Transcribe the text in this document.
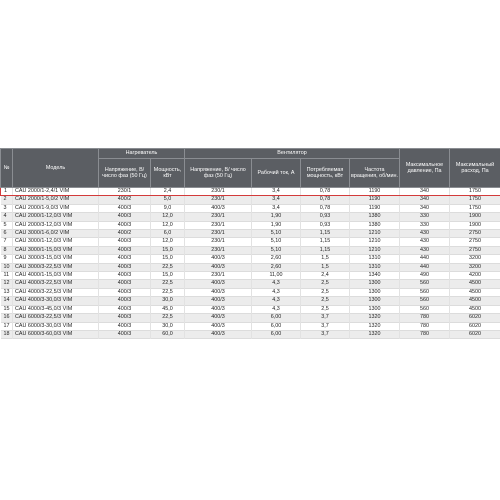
№	Модель	Нагреватель		Вентилятор				Максимальное давление, Па	Максимальный расход, Па
		Напряжение, В/ число фаз (50 Гц)	Мощность, кВт	Напряжение, В/ число фаз (50 Гц)	Рабочий ток, А	Потребляемая мощность, кВт	Частота вращения, об/мин.		
1	CAU 2000/1-2,4/1 VIM	230/1	2,4	230/1	3,4	0,78	1190	340	1750
2	CAU 2000/1-5,0/2 VIM	400/2	5,0	230/1	3,4	0,78	1190	340	1750
3	CAU 2000/1-9,0/3 VIM	400/3	9,0	400/3	3,4	0,78	1190	340	1750
4	CAU 2000/1-12,0/3 VIM	400/3	12,0	230/1	1,90	0,93	1380	330	1900
5	CAU 2000/3-12,0/3 VIM	400/3	12,0	230/1	1,90	0,93	1380	330	1900
6	CAU 3000/1-6,0/2 VIM	400/2	6,0	230/1	5,10	1,15	1210	430	2750
7	CAU 3000/1-12,0/3 VIM	400/3	12,0	230/1	5,10	1,15	1210	430	2750
8	CAU 3000/1-15,0/3 VIM	400/3	15,0	230/1	5,10	1,15	1210	430	2750
9	CAU 3000/3-15,0/3 VIM	400/3	15,0	400/3	2,60	1,5	1310	440	3200
10	CAU 3000/3-22,5/3 VIM	400/3	22,5	400/3	2,60	1,5	1310	440	3200
11	CAU 4000/1-15,0/3 VIM	400/3	15,0	230/1	11,00	2,4	1340	490	4200
12	CAU 4000/3-22,5/3 VIM	400/3	22,5	400/3	4,3	2,5	1300	560	4500
13	CAU 4000/3-22,5/3 VIM	400/3	22,5	400/3	4,3	2,5	1300	560	4500
14	CAU 4000/3-30,0/3 VIM	400/3	30,0	400/3	4,3	2,5	1300	560	4500
15	CAU 4000/3-45,0/3 VIM	400/3	45,0	400/3	4,3	2,5	1300	560	4500
16	CAU 6000/3-22,5/3 VIM	400/3	22,5	400/3	6,00	3,7	1320	780	6020
17	CAU 6000/3-30,0/3 VIM	400/3	30,0	400/3	6,00	3,7	1320	780	6020
18	CAU 6000/3-60,0/3 VIM	400/3	60,0	400/3	6,00	3,7	1320	780	6020
